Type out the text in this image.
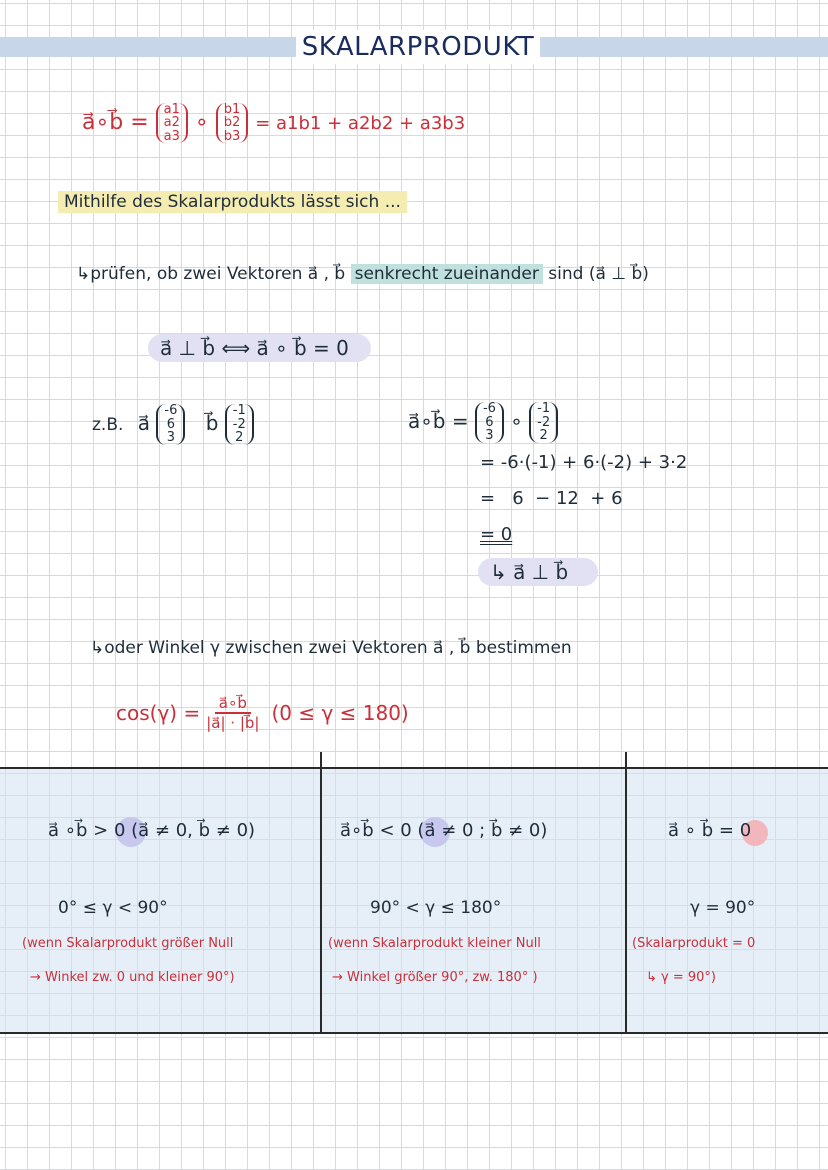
SKALARPRODUKT
a⃗∘b⃗ =
a1
a2
a3
∘
b1
b2
b3
= a1b1 + a2b2 + a3b3
Mithilfe des Skalarprodukts lässt sich ...
↳prüfen, ob zwei Vektoren a⃗ , b⃗ senkrecht zueinander sind (a⃗ ⊥ b⃗)
a⃗ ⊥ b⃗ ⟺ a⃗ ∘ b⃗ = 0
z.B. a⃗
-6
6
3
b⃗
-1
-2
2
a⃗∘b⃗ =
-6
6
3
∘
-1
-2
2
= -6·(-1) + 6·(-2) + 3·2
=   6  − 12  + 6
= 0
↳ a⃗ ⊥ b⃗
↳oder Winkel γ zwischen zwei Vektoren a⃗ , b⃗ bestimmen
$\cos(\gamma) = \frac{a⃗\circ b⃗}{|a⃗| \cdot |b⃗|} (0 \le \gamma \le 180)$
a⃗ ∘b⃗ > 0 (a⃗ ≠ 0, b⃗ ≠ 0)
0° ≤ γ < 90°
(wenn Skalarprodukt größer Null
→ Winkel zw. 0 und kleiner 90°)
a⃗∘b⃗ < 0 (a⃗ ≠ 0 ; b⃗ ≠ 0)
90° < γ ≤ 180°
(wenn Skalarprodukt kleiner Null
→ Winkel größer 90°, zw. 180° )
a⃗ ∘ b⃗ = 0
γ = 90°
(Skalarprodukt = 0
↳ γ = 90°)
